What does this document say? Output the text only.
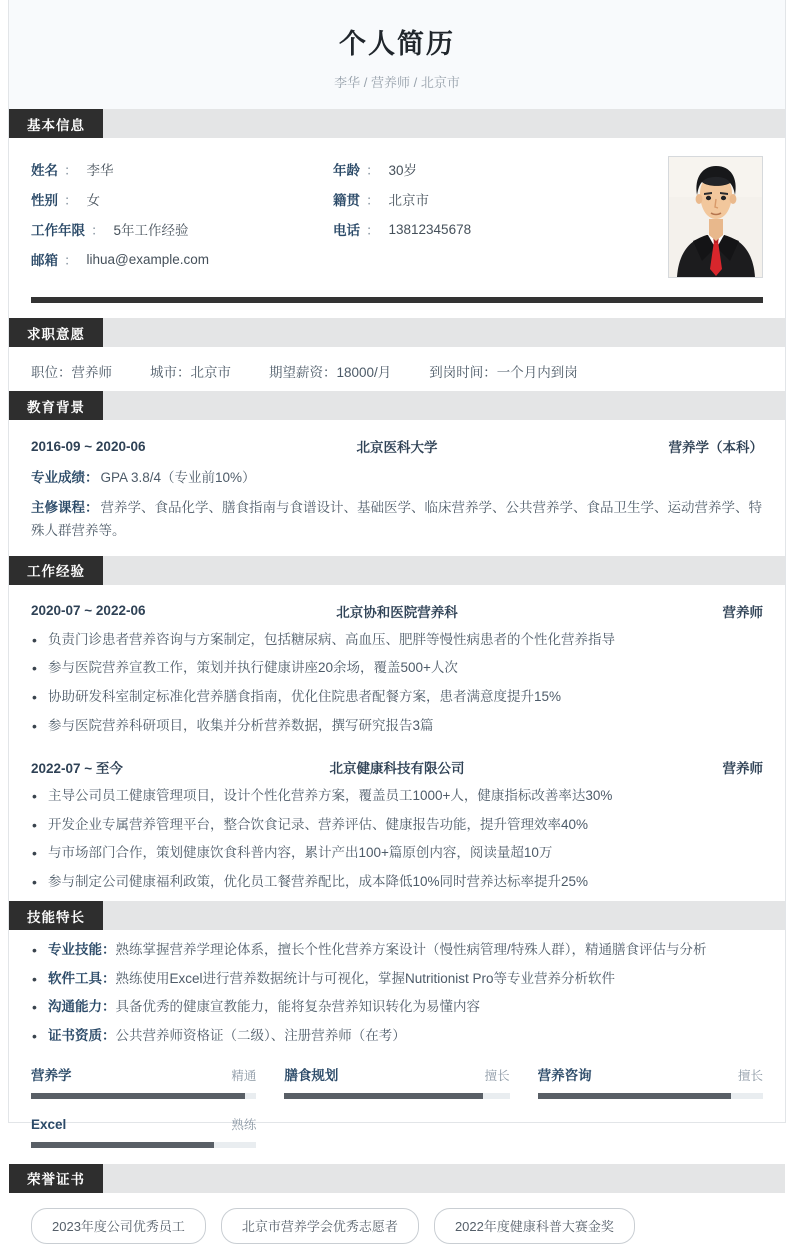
个人简历
李华 / 营养师 / 北京市
基本信息
姓名 ： 李华
性别 ： 女
工作年限 ： 5年工作经验
邮箱 ： lihua@example.com
年龄 ： 30岁
籍贯 ： 北京市
电话 ： 13812345678
求职意愿
职位：营养师	城市：北京市	期望薪资：18000/月	到岗时间：一个月内到岗
教育背景
2016-09 ~ 2020-06	北京医科大学	营养学（本科）
专业成绩： GPA 3.8/4（专业前10%）
主修课程： 营养学、食品化学、膳食指南与食谱设计、基础医学、临床营养学、公共营养学、食品卫生学、运动营养学、特殊人群营养等。
工作经验
2020-07 ~ 2022-06	北京协和医院营养科	营养师
• 负责门诊患者营养咨询与方案制定，包括糖尿病、高血压、肥胖等慢性病患者的个性化营养指导
• 参与医院营养宣教工作，策划并执行健康讲座20余场，覆盖500+人次
• 协助研发科室制定标准化营养膳食指南，优化住院患者配餐方案，患者满意度提升15%
• 参与医院营养科研项目，收集并分析营养数据，撰写研究报告3篇
2022-07 ~ 至今	北京健康科技有限公司	营养师
• 主导公司员工健康管理项目，设计个性化营养方案，覆盖员工1000+人，健康指标改善率达30%
• 开发企业专属营养管理平台，整合饮食记录、营养评估、健康报告功能，提升管理效率40%
• 与市场部门合作，策划健康饮食科普内容，累计产出100+篇原创内容，阅读量超10万
• 参与制定公司健康福利政策，优化员工餐营养配比，成本降低10%同时营养达标率提升25%
技能特长
• 专业技能：熟练掌握营养学理论体系，擅长个性化营养方案设计（慢性病管理/特殊人群），精通膳食评估与分析
• 软件工具：熟练使用Excel进行营养数据统计与可视化，掌握Nutritionist Pro等专业营养分析软件
• 沟通能力：具备优秀的健康宣教能力，能将复杂营养知识转化为易懂内容
• 证书资质：公共营养师资格证（二级）、注册营养师（在考）
营养学	精通 膳食规划	擅长 营养咨询	擅长
Excel	熟练
荣誉证书
2023年度公司优秀员工	北京市营养学会优秀志愿者	2022年度健康科普大赛金奖
